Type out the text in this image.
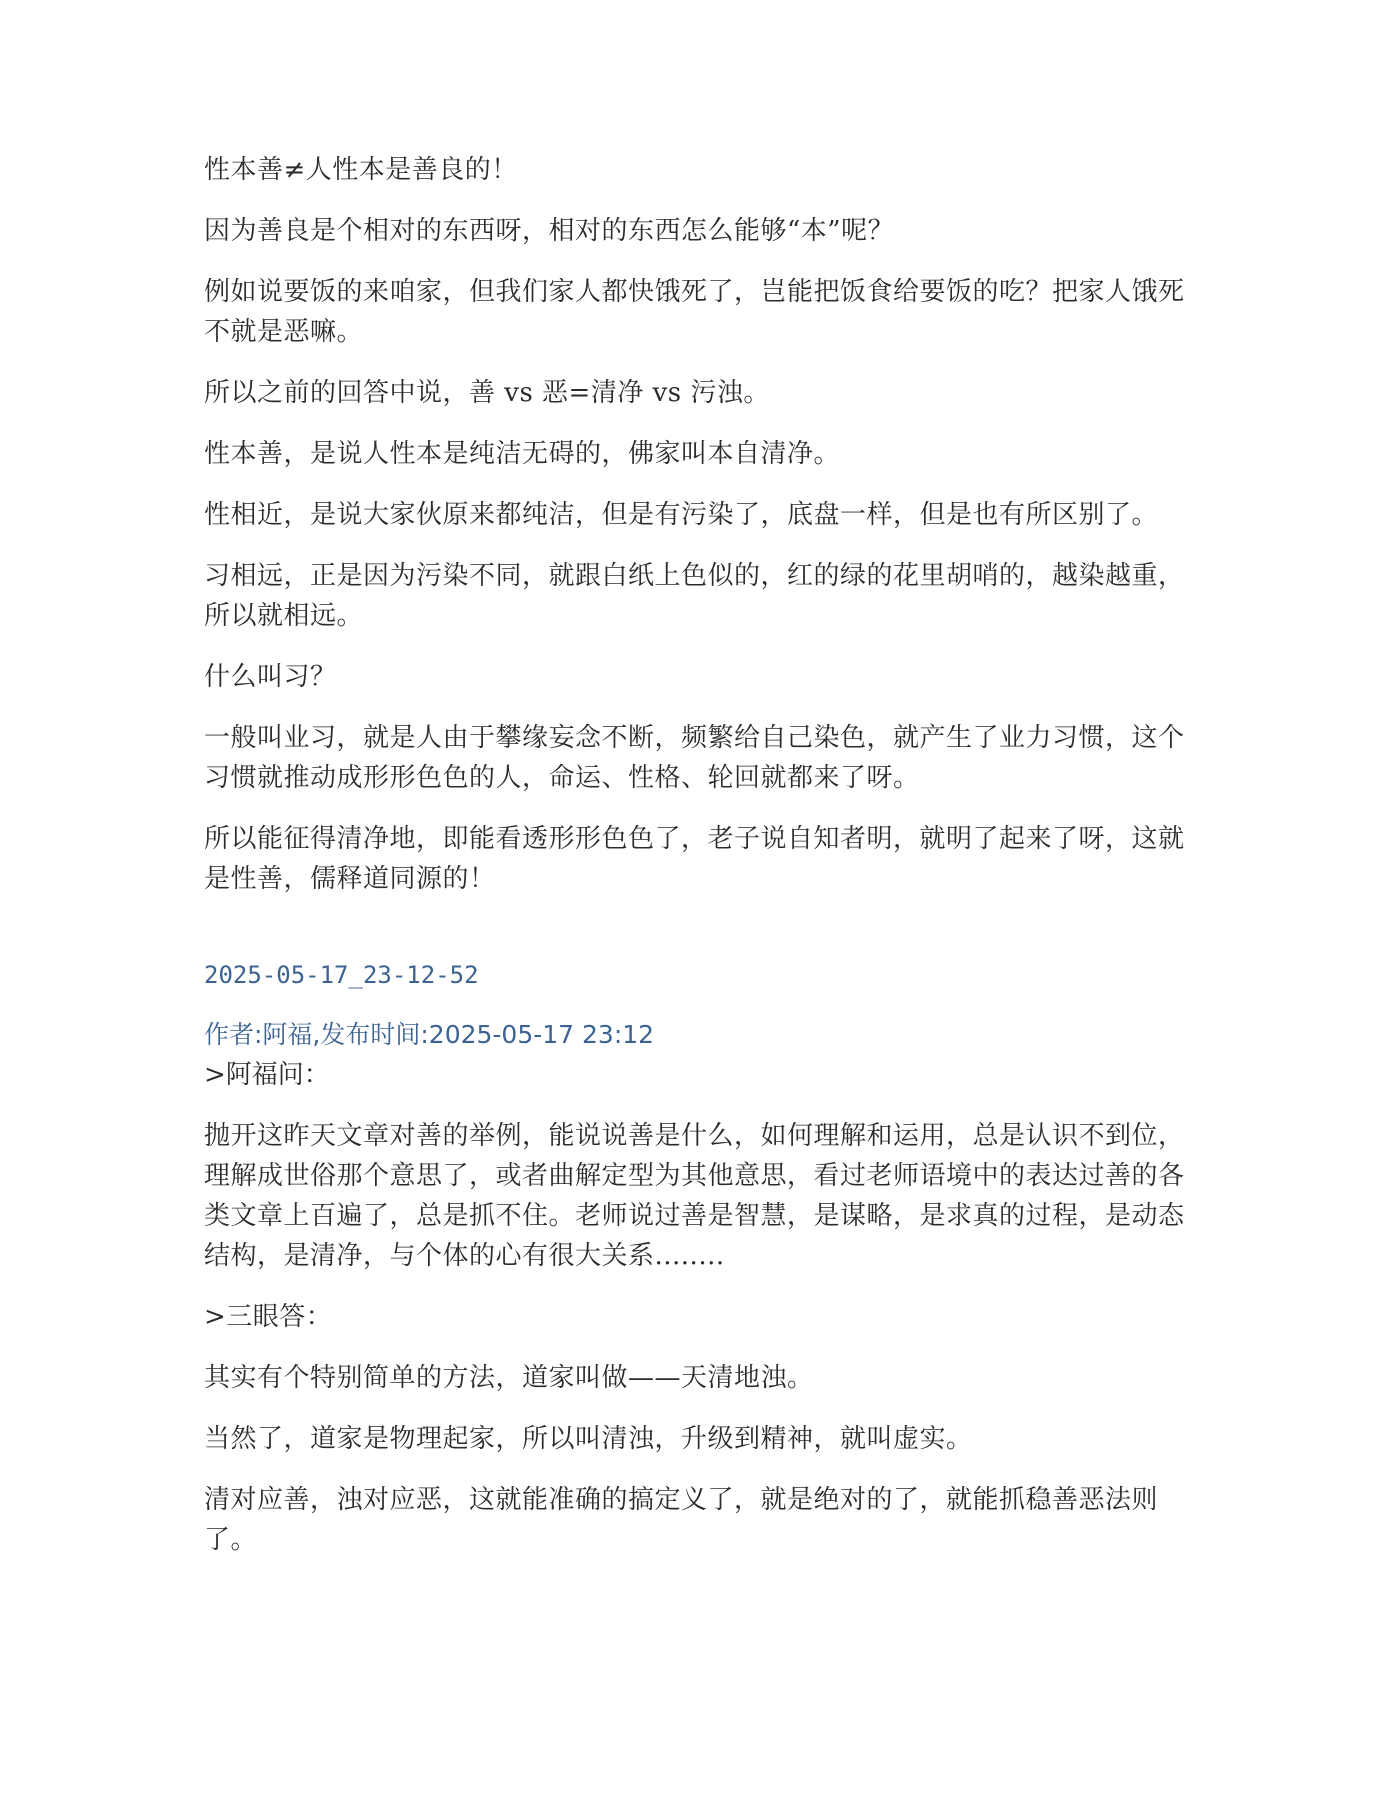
性本善≠人性本是善良的！

因为善良是个相对的东西呀，相对的东西怎么能够“本”呢？

例如说要饭的来咱家，但我们家人都快饿死了，岂能把饭食给要饭的吃？把家人饿死不就是恶嘛。

所以之前的回答中说，善 vs 恶=清净 vs 污浊。

性本善，是说人性本是纯洁无碍的，佛家叫本自清净。

性相近，是说大家伙原来都纯洁，但是有污染了，底盘一样，但是也有所区别了。

习相远，正是因为污染不同，就跟白纸上色似的，红的绿的花里胡哨的，越染越重，所以就相远。

什么叫习？

一般叫业习，就是人由于攀缘妄念不断，频繁给自己染色，就产生了业力习惯，这个习惯就推动成形形色色的人，命运、性格、轮回就都来了呀。

所以能征得清净地，即能看透形形色色了，老子说自知者明，就明了起来了呀，这就是性善，儒释道同源的！

2025-05-17_23-12-52
作者:阿福,发布时间:2025-05-17 23:12

>阿福问：

抛开这昨天文章对善的举例，能说说善是什么，如何理解和运用，总是认识不到位，理解成世俗那个意思了，或者曲解定型为其他意思，看过老师语境中的表达过善的各类文章上百遍了，总是抓不住。老师说过善是智慧，是谋略，是求真的过程，是动态结构，是清净，与个体的心有很大关系........

>三眼答：

其实有个特别简单的方法，道家叫做——天清地浊。

当然了，道家是物理起家，所以叫清浊，升级到精神，就叫虚实。

清对应善，浊对应恶，这就能准确的搞定义了，就是绝对的了，就能抓稳善恶法则了。
